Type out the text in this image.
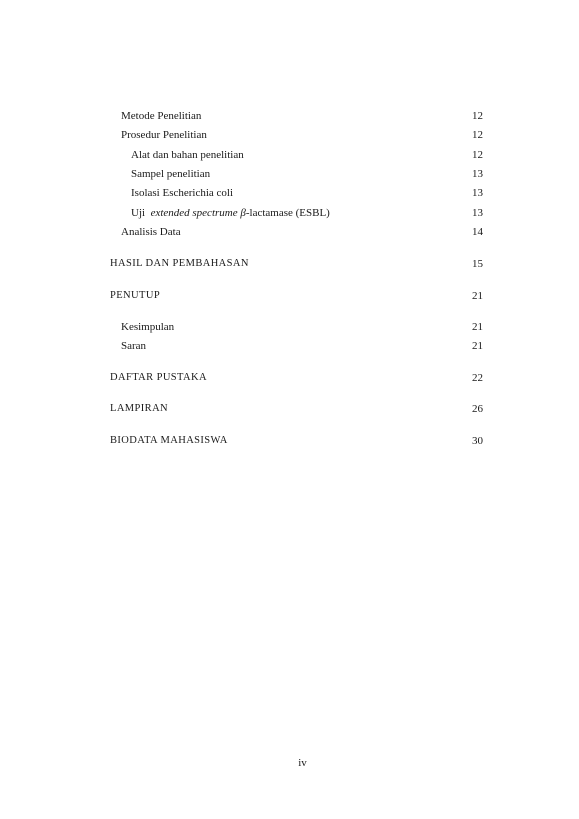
Metode Penelitian	12
Prosedur Penelitian	12
Alat dan bahan penelitian	12
Sampel penelitian	13
Isolasi Escherichia coli	13
Uji extended spectrume β-lactamase (ESBL)	13
Analisis Data	14
HASIL DAN PEMBAHASAN	15
PENUTUP	21
Kesimpulan	21
Saran	21
DAFTAR PUSTAKA	22
LAMPIRAN	26
BIODATA MAHASISWA	30
iv
